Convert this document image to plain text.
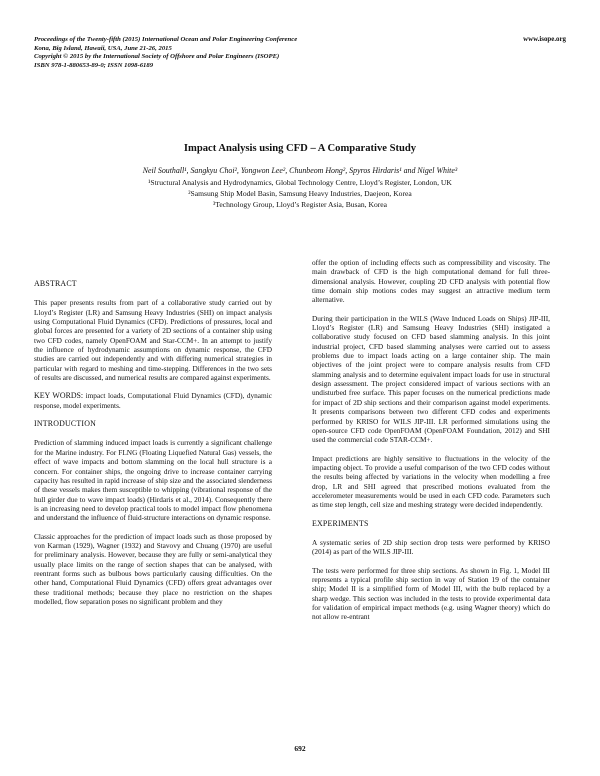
Proceedings of the Twenty-fifth (2015) International Ocean and Polar Engineering Conference
Kona, Big Island, Hawaii, USA, June 21-26, 2015
Copyright © 2015 by the International Society of Offshore and Polar Engineers (ISOPE)
ISBN 978-1-880653-89-0; ISSN 1098-6189
www.isope.org
Impact Analysis using CFD – A Comparative Study
Neil Southall¹, Sangkyu Choi², Yongwon Lee², Chunbeom Hong², Spyros Hirdaris¹ and Nigel White³
¹Structural Analysis and Hydrodynamics, Global Technology Centre, Lloyd’s Register, London, UK
²Samsung Ship Model Basin, Samsung Heavy Industries, Daejeon, Korea
³Technology Group, Lloyd’s Register Asia, Busan, Korea
ABSTRACT

This paper presents results from part of a collaborative study carried out by Lloyd’s Register (LR) and Samsung Heavy Industries (SHI) on impact analysis using Computational Fluid Dynamics (CFD). Predictions of pressures, local and global forces are presented for a variety of 2D sections of a container ship using two CFD codes, namely OpenFOAM and Star-CCM+. In an attempt to justify the influence of hydrodynamic assumptions on dynamic response, the CFD studies are carried out independently and with differing numerical strategies in particular with regard to meshing and time-stepping. Differences in the two sets of results are discussed, and numerical results are compared against experiments.

KEY WORDS: impact loads, Computational Fluid Dynamics (CFD), dynamic response, model experiments.

INTRODUCTION

Prediction of slamming induced impact loads is currently a significant challenge for the Marine industry. For FLNG (Floating Liquefied Natural Gas) vessels, the effect of wave impacts and bottom slamming on the local hull structure is a concern. For container ships, the ongoing drive to increase container carrying capacity has resulted in rapid increase of ship size and the associated slenderness of these vessels makes them susceptible to whipping (vibrational response of the hull girder due to wave impact loads) (Hirdaris et al., 2014). Consequently there is an increasing need to develop practical tools to model impact flow phenomena and understand the influence of fluid-structure interactions on dynamic response.

Classic approaches for the prediction of impact loads such as those proposed by von Karman (1929), Wagner (1932) and Stavovy and Chuang (1970) are useful for preliminary analysis. However, because they are fully or semi-analytical they usually place limits on the range of section shapes that can be analysed, with reentrant forms such as bulbous bows particularly causing difficulties. On the other hand, Computational Fluid Dynamics (CFD) offers great advantages over these traditional methods; because they place no restriction on the shapes modelled, flow separation poses no significant problem and they

offer the option of including effects such as compressibility and viscosity. The main drawback of CFD is the high computational demand for full three-dimensional analysis. However, coupling 2D CFD analysis with potential flow time domain ship motions codes may suggest an attractive medium term alternative.

During their participation in the WILS (Wave Induced Loads on Ships) JIP-III, Lloyd’s Register (LR) and Samsung Heavy Industries (SHI) instigated a collaborative study focused on CFD based slamming analysis. In this joint industrial project, CFD based slamming analyses were carried out to assess problems due to impact loads acting on a large container ship. The main objectives of the joint project were to compare analysis results from CFD slamming analysis and to determine equivalent impact loads for use in structural design assessment. The project considered impact of various sections with an undisturbed free surface. This paper focuses on the numerical predictions made for impact of 2D ship sections and their comparison against model experiments. It presents comparisons between two different CFD codes and experiments performed by KRISO for WILS JIP-III. LR performed simulations using the open-source CFD code OpenFOAM (OpenFOAM Foundation, 2012) and SHI used the commercial code STAR-CCM+.

Impact predictions are highly sensitive to fluctuations in the velocity of the impacting object. To provide a useful comparison of the two CFD codes without the results being affected by variations in the velocity when modelling a free drop, LR and SHI agreed that prescribed motions evaluated from the accelerometer measurements would be used in each CFD code. Parameters such as time step length, cell size and meshing strategy were decided independently.

EXPERIMENTS

A systematic series of 2D ship section drop tests were performed by KRISO (2014) as part of the WILS JIP-III.

The tests were performed for three ship sections. As shown in Fig. 1, Model III represents a typical profile ship section in way of Station 19 of the container ship; Model II is a simplified form of Model III, with the bulb replaced by a sharp wedge. This section was included in the tests to provide experimental data for validation of empirical impact methods (e.g. using Wagner theory) which do not allow re-entrant

692
